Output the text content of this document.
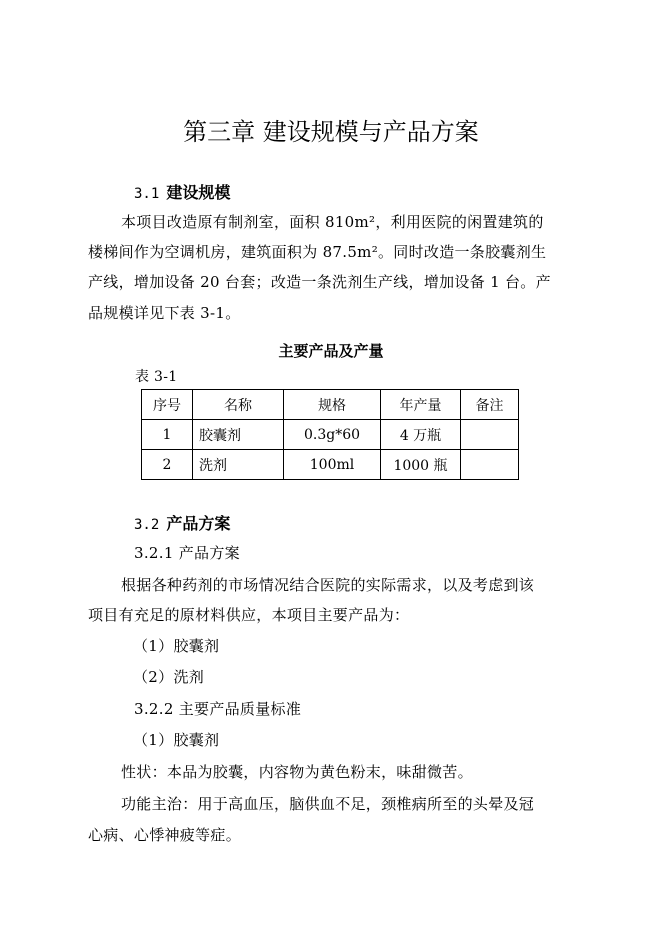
第三章 建设规模与产品方案
3.1 建设规模
本项目改造原有制剂室，面积 810m²，利用医院的闲置建筑的
楼梯间作为空调机房，建筑面积为 87.5m²。同时改造一条胶囊剂生
产线，增加设备 20 台套；改造一条洗剂生产线，增加设备 1 台。产
品规模详见下表 3-1。
主要产品及产量
表 3-1
序号	名称	规格	年产量	备注
1	胶囊剂	0.3g*60	4 万瓶	
2	洗剂	100ml	1000 瓶	
3.2 产品方案
3.2.1 产品方案
根据各种药剂的市场情况结合医院的实际需求，以及考虑到该
项目有充足的原材料供应，本项目主要产品为：
（1）胶囊剂
（2）洗剂
3.2.2 主要产品质量标准
（1）胶囊剂
性状：本品为胶囊，内容物为黄色粉末，味甜微苦。
功能主治：用于高血压，脑供血不足，颈椎病所至的头晕及冠
心病、心悸神疲等症。
